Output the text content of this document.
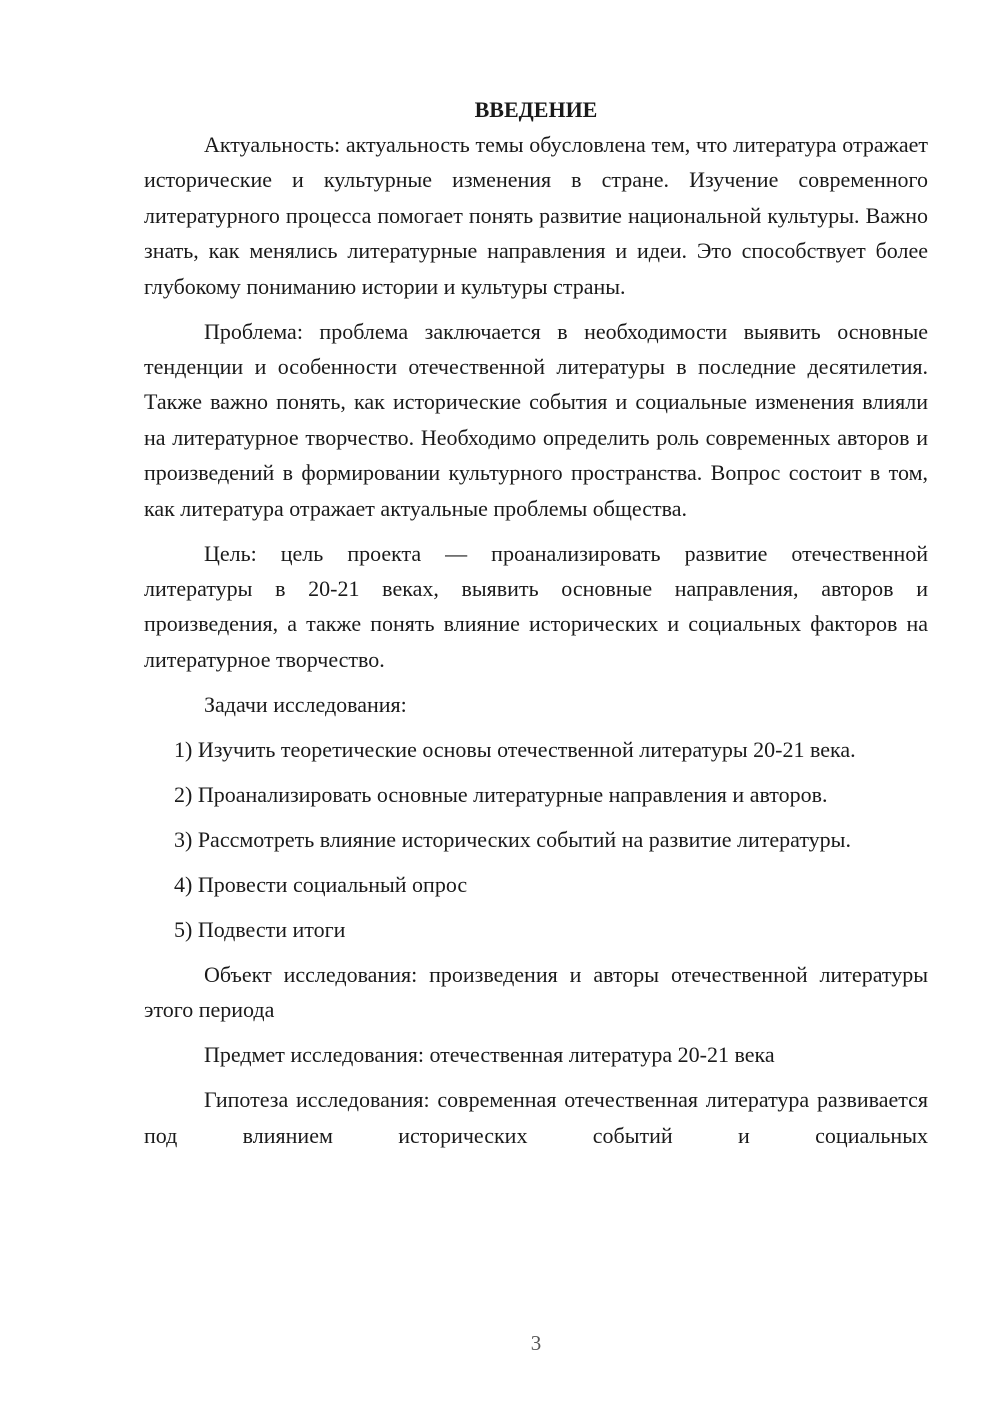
ВВЕДЕНИЕ

Актуальность: актуальность темы обусловлена тем, что литература отражает исторические и культурные изменения в стране. Изучение современного литературного процесса помогает понять развитие национальной культуры. Важно знать, как менялись литературные направления и идеи. Это способствует более глубокому пониманию истории и культуры страны.

Проблема: проблема заключается в необходимости выявить основные тенденции и особенности отечественной литературы в последние десятилетия. Также важно понять, как исторические события и социальные изменения влияли на литературное творчество. Необходимо определить роль современных авторов и произведений в формировании культурного пространства. Вопрос состоит в том, как литература отражает актуальные проблемы общества.

Цель: цель проекта — проанализировать развитие отечественной литературы в 20-21 веках, выявить основные направления, авторов и произведения, а также понять влияние исторических и социальных факторов на литературное творчество.

Задачи исследования:

1) Изучить теоретические основы отечественной литературы 20-21 века.

2) Проанализировать основные литературные направления и авторов.

3) Рассмотреть влияние исторических событий на развитие литературы.

4) Провести социальный опрос

5) Подвести итоги

Объект исследования: произведения и авторы отечественной литературы этого периода

Предмет исследования: отечественная литература 20-21 века

Гипотеза исследования: современная отечественная литература развивается под влиянием исторических событий и социальных

3
